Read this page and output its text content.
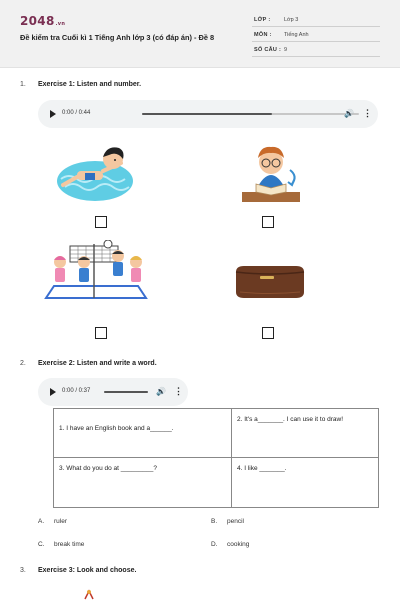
2048.vn
Đề kiểm tra Cuối kì 1 Tiếng Anh lớp 3 (có đáp án) - Đề 8
LỚP : Lớp 3
MÔN : Tiếng Anh
SỐ CÂU : 9
1. Exercise 1: Listen and number.
0:00 / 0:44	🔊 ⋮
2. Exercise 2: Listen and write a word.
0:00 / 0:37	🔊 ⋮
1. I have an English book and a______.	2. It's a_______. I can use it to draw!

3. What do you do at _________?	4. I like _______.
A. ruler	B. pencil
C. break time	D. cooking
3. Exercise 3: Look and choose.
